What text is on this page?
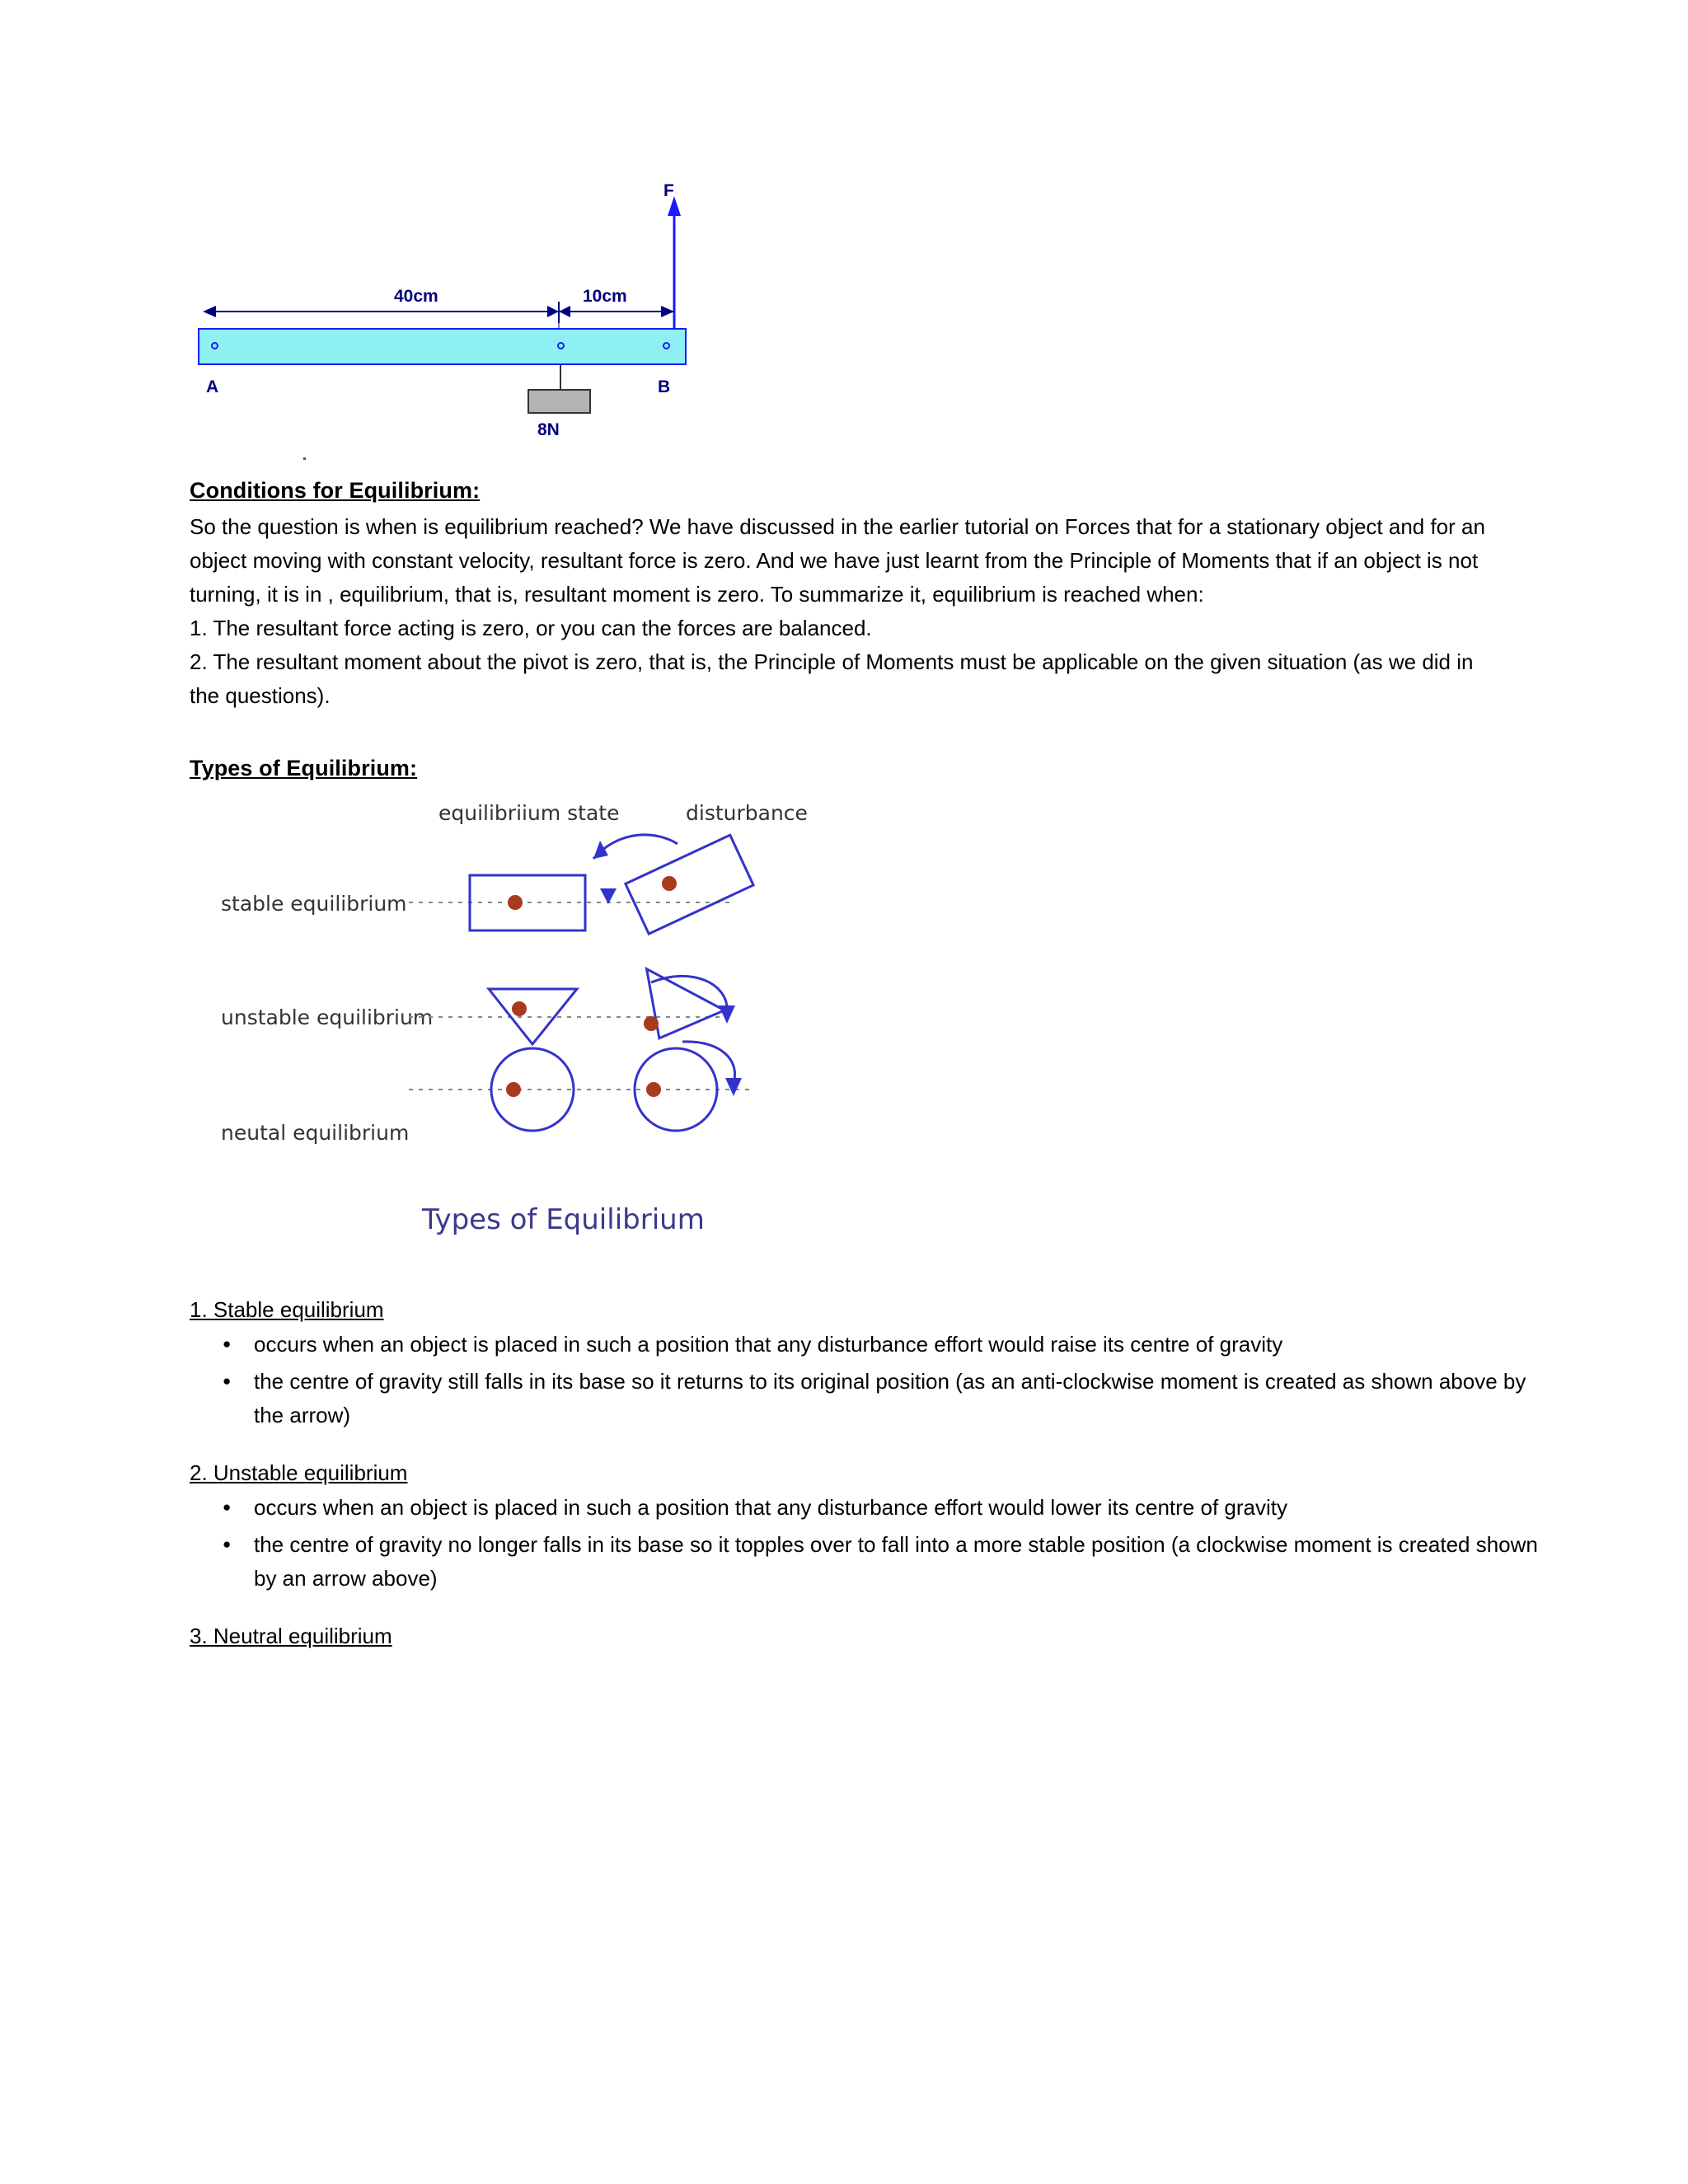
F
40cm	10cm
A	B
8N
Conditions for Equilibrium:

So the question is when is equilibrium reached? We have discussed in the earlier tutorial on Forces that for a stationary object and for an object moving with constant velocity, resultant force is zero. And we have just learnt from the Principle of Moments that if an object is not turning, it is in , equilibrium, that is, resultant moment is zero. To summarize it, equilibrium is reached when:

1. The resultant force acting is zero, or you can the forces are balanced.

2. The resultant moment about the pivot is zero, that is, the Principle of Moments must be applicable on the given situation (as we did in the questions).

Types of Equilibrium:
equilibriium state	disturbance
stable equilibrium
unstable equilibrium
neutal equilibrium
Types of Equilibrium
1. Stable equilibrium
● occurs when an object is placed in such a position that any disturbance effort would raise its centre of gravity
● the centre of gravity still falls in its base so it returns to its original position (as an anti-clockwise moment is created as shown above by the arrow)
2. Unstable equilibrium
● occurs when an object is placed in such a position that any disturbance effort would lower its centre of gravity
● the centre of gravity no longer falls in its base so it topples over to fall into a more stable position (a clockwise moment is created shown by an arrow above)
3. Neutral equilibrium
